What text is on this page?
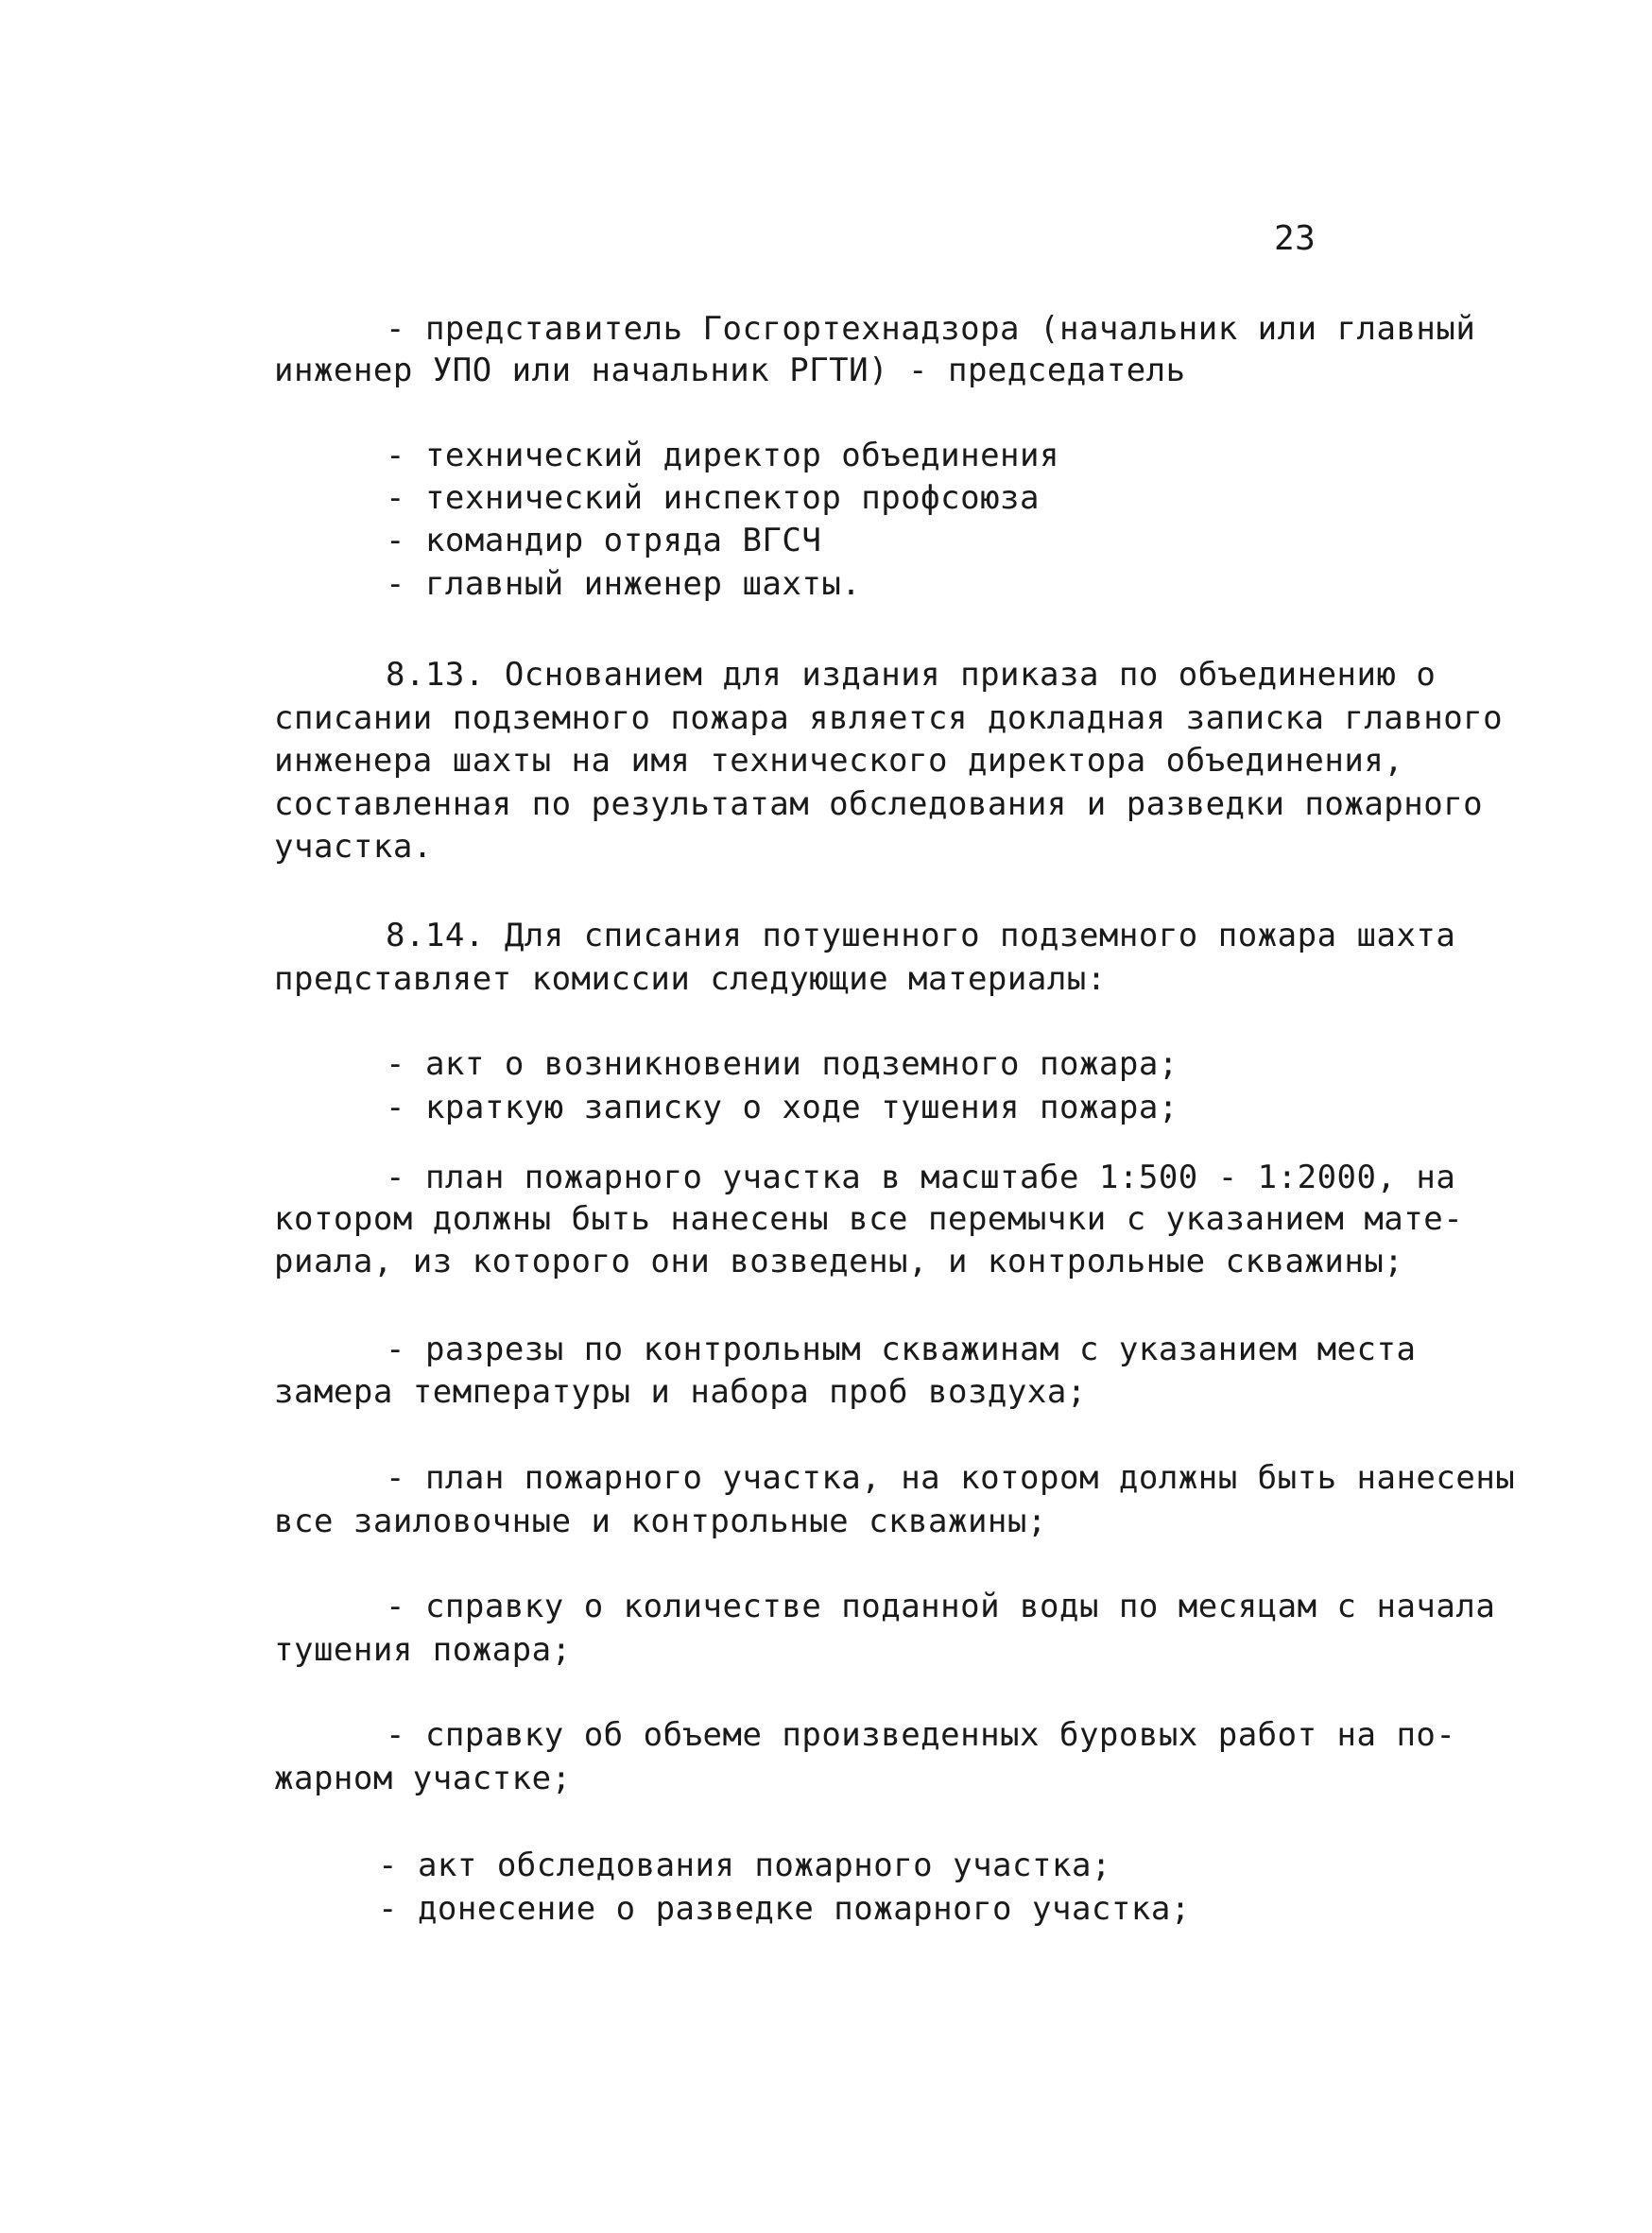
23
- представитель Госгортехнадзора (начальник или главный
инженер УПО или начальник РГТИ) - председатель
- технический директор объединения
- технический инспектор профсоюза
- командир отряда ВГСЧ
- главный инженер шахты.
8.13. Основанием для издания приказа по объединению о
списании подземного пожара является докладная записка главного
инженера шахты на имя технического директора объединения,
составленная по результатам обследования и разведки пожарного
участка.
8.14. Для списания потушенного подземного пожара шахта
представляет комиссии следующие материалы:
- акт о возникновении подземного пожара;
- краткую записку о ходе тушения пожара;
- план пожарного участка в масштабе 1:500 - 1:2000, на
котором должны быть нанесены все перемычки с указанием мате-
риала, из которого они возведены, и контрольные скважины;
- разрезы по контрольным скважинам с указанием места
замера температуры и набора проб воздуха;
- план пожарного участка, на котором должны быть нанесены
все заиловочные и контрольные скважины;
- справку о количестве поданной воды по месяцам с начала
тушения пожара;
- справку об объеме произведенных буровых работ на по-
жарном участке;
- акт обследования пожарного участка;
- донесение о разведке пожарного участка;
